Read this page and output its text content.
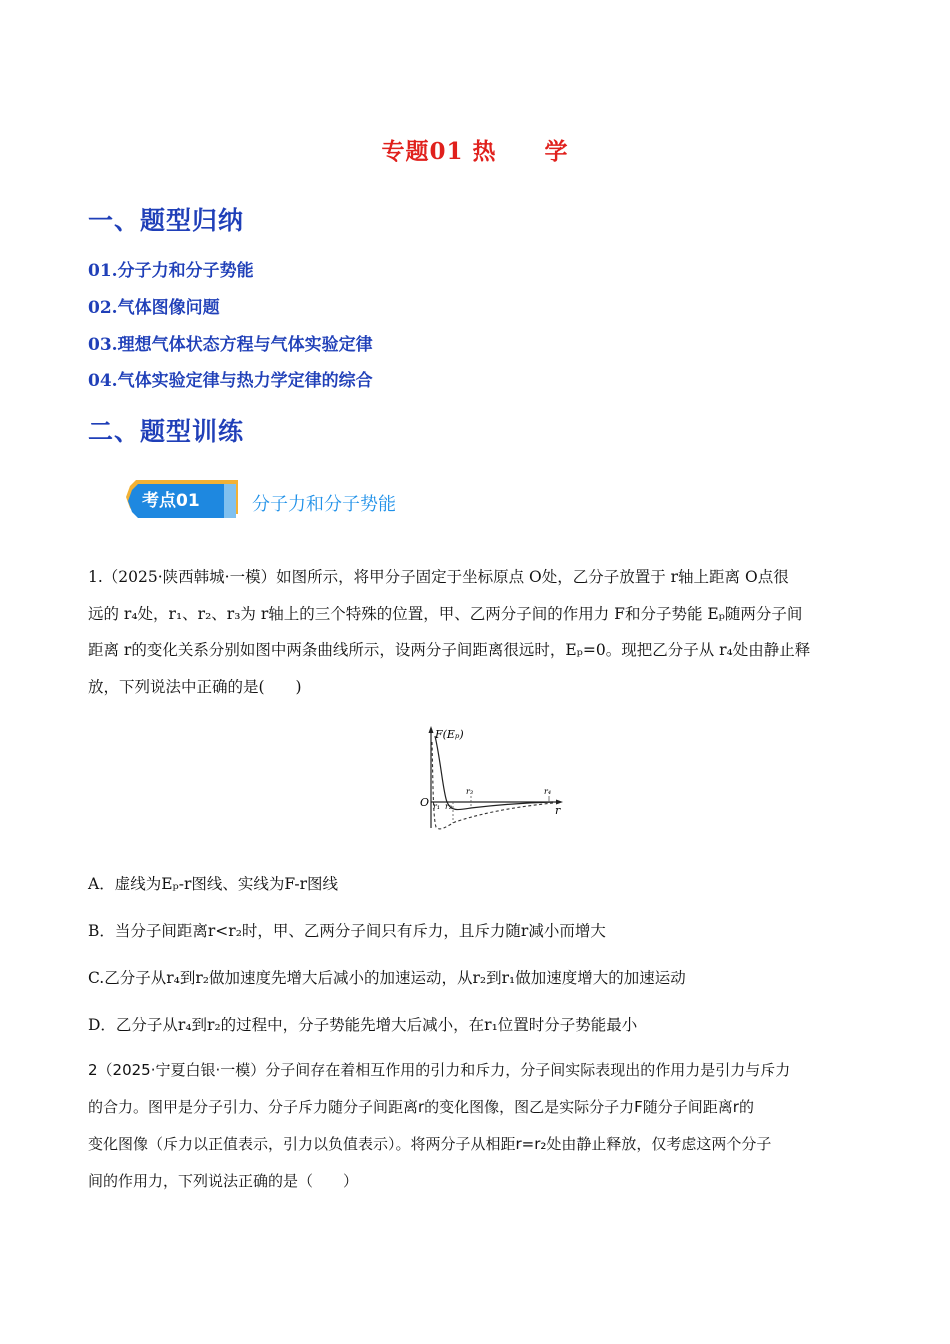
专题01 热　　学
一、题型归纳
01.分子力和分子势能
02.气体图像问题
03.理想气体状态方程与气体实验定律
04.气体实验定律与热力学定律的综合
二、题型训练
考点01	分子力和分子势能
1.（2025·陕西韩城·一模）如图所示，将甲分子固定于坐标原点 O处，乙分子放置于 r轴上距离 O点很
远的 r₄处，r₁、r₂、r₃为 r轴上的三个特殊的位置，甲、乙两分子间的作用力 F和分子势能 Eₚ随两分子间
距离 r的变化关系分别如图中两条曲线所示，设两分子间距离很远时，Eₚ=0。现把乙分子从 r₄处由静止释
放，下列说法中正确的是(　　)
F(Eₚ)
O
r
r₁ r₂
r₃	r₄
A．虚线为Eₚ-r图线、实线为F-r图线
B．当分子间距离r<r₂时，甲、乙两分子间只有斥力，且斥力随r减小而增大
C.乙分子从r₄到r₂做加速度先增大后减小的加速运动，从r₂到r₁做加速度增大的加速运动
D．乙分子从r₄到r₂的过程中，分子势能先增大后减小，在r₁位置时分子势能最小
2（2025·宁夏白银·一模）分子间存在着相互作用的引力和斥力，分子间实际表现出的作用力是引力与斥力
的合力。图甲是分子引力、分子斥力随分子间距离r的变化图像，图乙是实际分子力F随分子间距离r的
变化图像（斥力以正值表示，引力以负值表示）。将两分子从相距r=r₂处由静止释放，仅考虑这两个分子
间的作用力，下列说法正确的是（　　）
